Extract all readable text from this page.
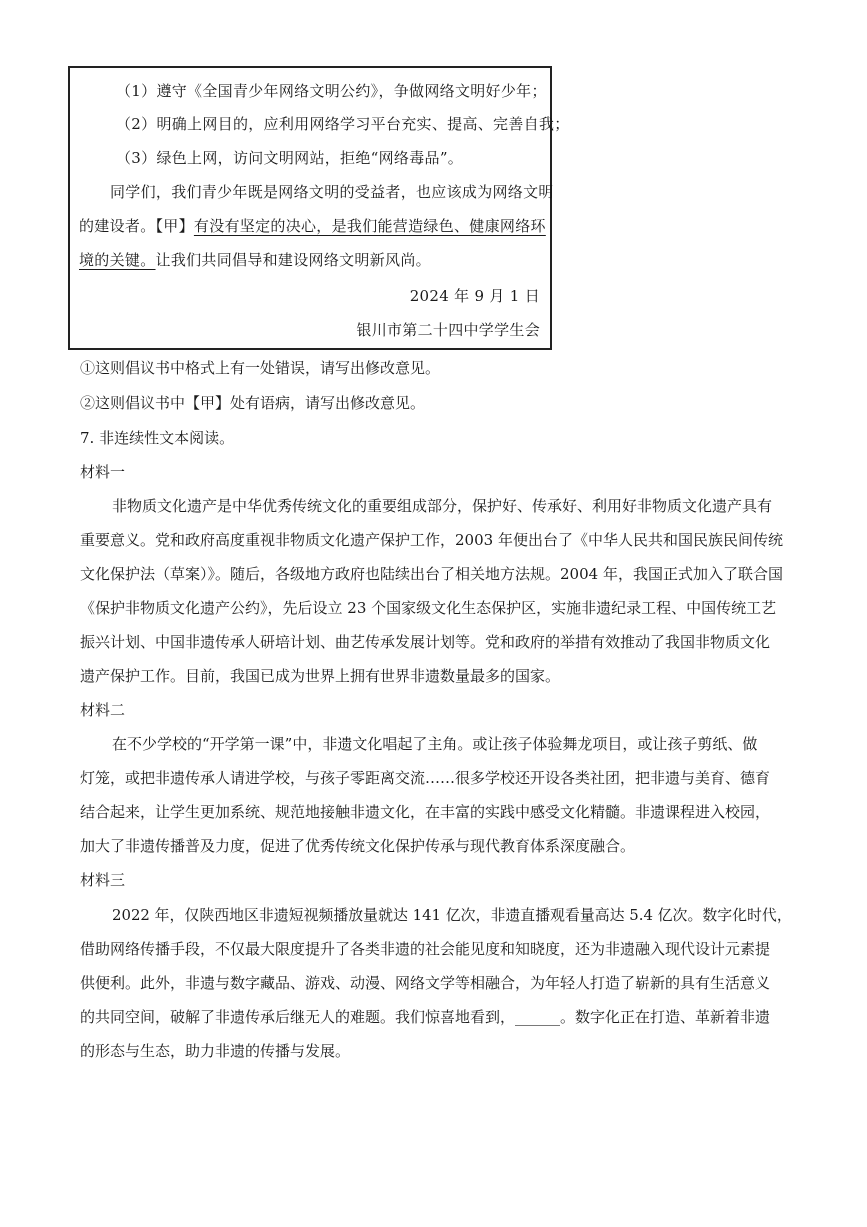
（1）遵守《全国青少年网络文明公约》，争做网络文明好少年；
（2）明确上网目的，应利用网络学习平台充实、提高、完善自我；
（3）绿色上网，访问文明网站，拒绝“网络毒品”。
同学们，我们青少年既是网络文明的受益者，也应该成为网络文明
的建设者。【甲】有没有坚定的决心，是我们能营造绿色、健康网络环
境的关键。让我们共同倡导和建设网络文明新风尚。
2024 年 9 月 1 日
银川市第二十四中学学生会
①这则倡议书中格式上有一处错误，请写出修改意见。
②这则倡议书中【甲】处有语病，请写出修改意见。
7. 非连续性文本阅读。
材料一
非物质文化遗产是中华优秀传统文化的重要组成部分，保护好、传承好、利用好非物质文化遗产具有
重要意义。党和政府高度重视非物质文化遗产保护工作，2003 年便出台了《中华人民共和国民族民间传统
文化保护法（草案）》。随后，各级地方政府也陆续出台了相关地方法规。2004 年，我国正式加入了联合国
《保护非物质文化遗产公约》，先后设立 23 个国家级文化生态保护区，实施非遗纪录工程、中国传统工艺
振兴计划、中国非遗传承人研培计划、曲艺传承发展计划等。党和政府的举措有效推动了我国非物质文化
遗产保护工作。目前，我国已成为世界上拥有世界非遗数量最多的国家。
材料二
在不少学校的“开学第一课”中，非遗文化唱起了主角。或让孩子体验舞龙项目，或让孩子剪纸、做
灯笼，或把非遗传承人请进学校，与孩子零距离交流……很多学校还开设各类社团，把非遗与美育、德育
结合起来，让学生更加系统、规范地接触非遗文化，在丰富的实践中感受文化精髓。非遗课程进入校园，
加大了非遗传播普及力度，促进了优秀传统文化保护传承与现代教育体系深度融合。
材料三
2022 年，仅陕西地区非遗短视频播放量就达 141 亿次，非遗直播观看量高达 5.4 亿次。数字化时代，
借助网络传播手段，不仅最大限度提升了各类非遗的社会能见度和知晓度，还为非遗融入现代设计元素提
供便利。此外，非遗与数字藏品、游戏、动漫、网络文学等相融合，为年轻人打造了崭新的具有生活意义
的共同空间，破解了非遗传承后继无人的难题。我们惊喜地看到，______。数字化正在打造、革新着非遗
的形态与生态，助力非遗的传播与发展。
